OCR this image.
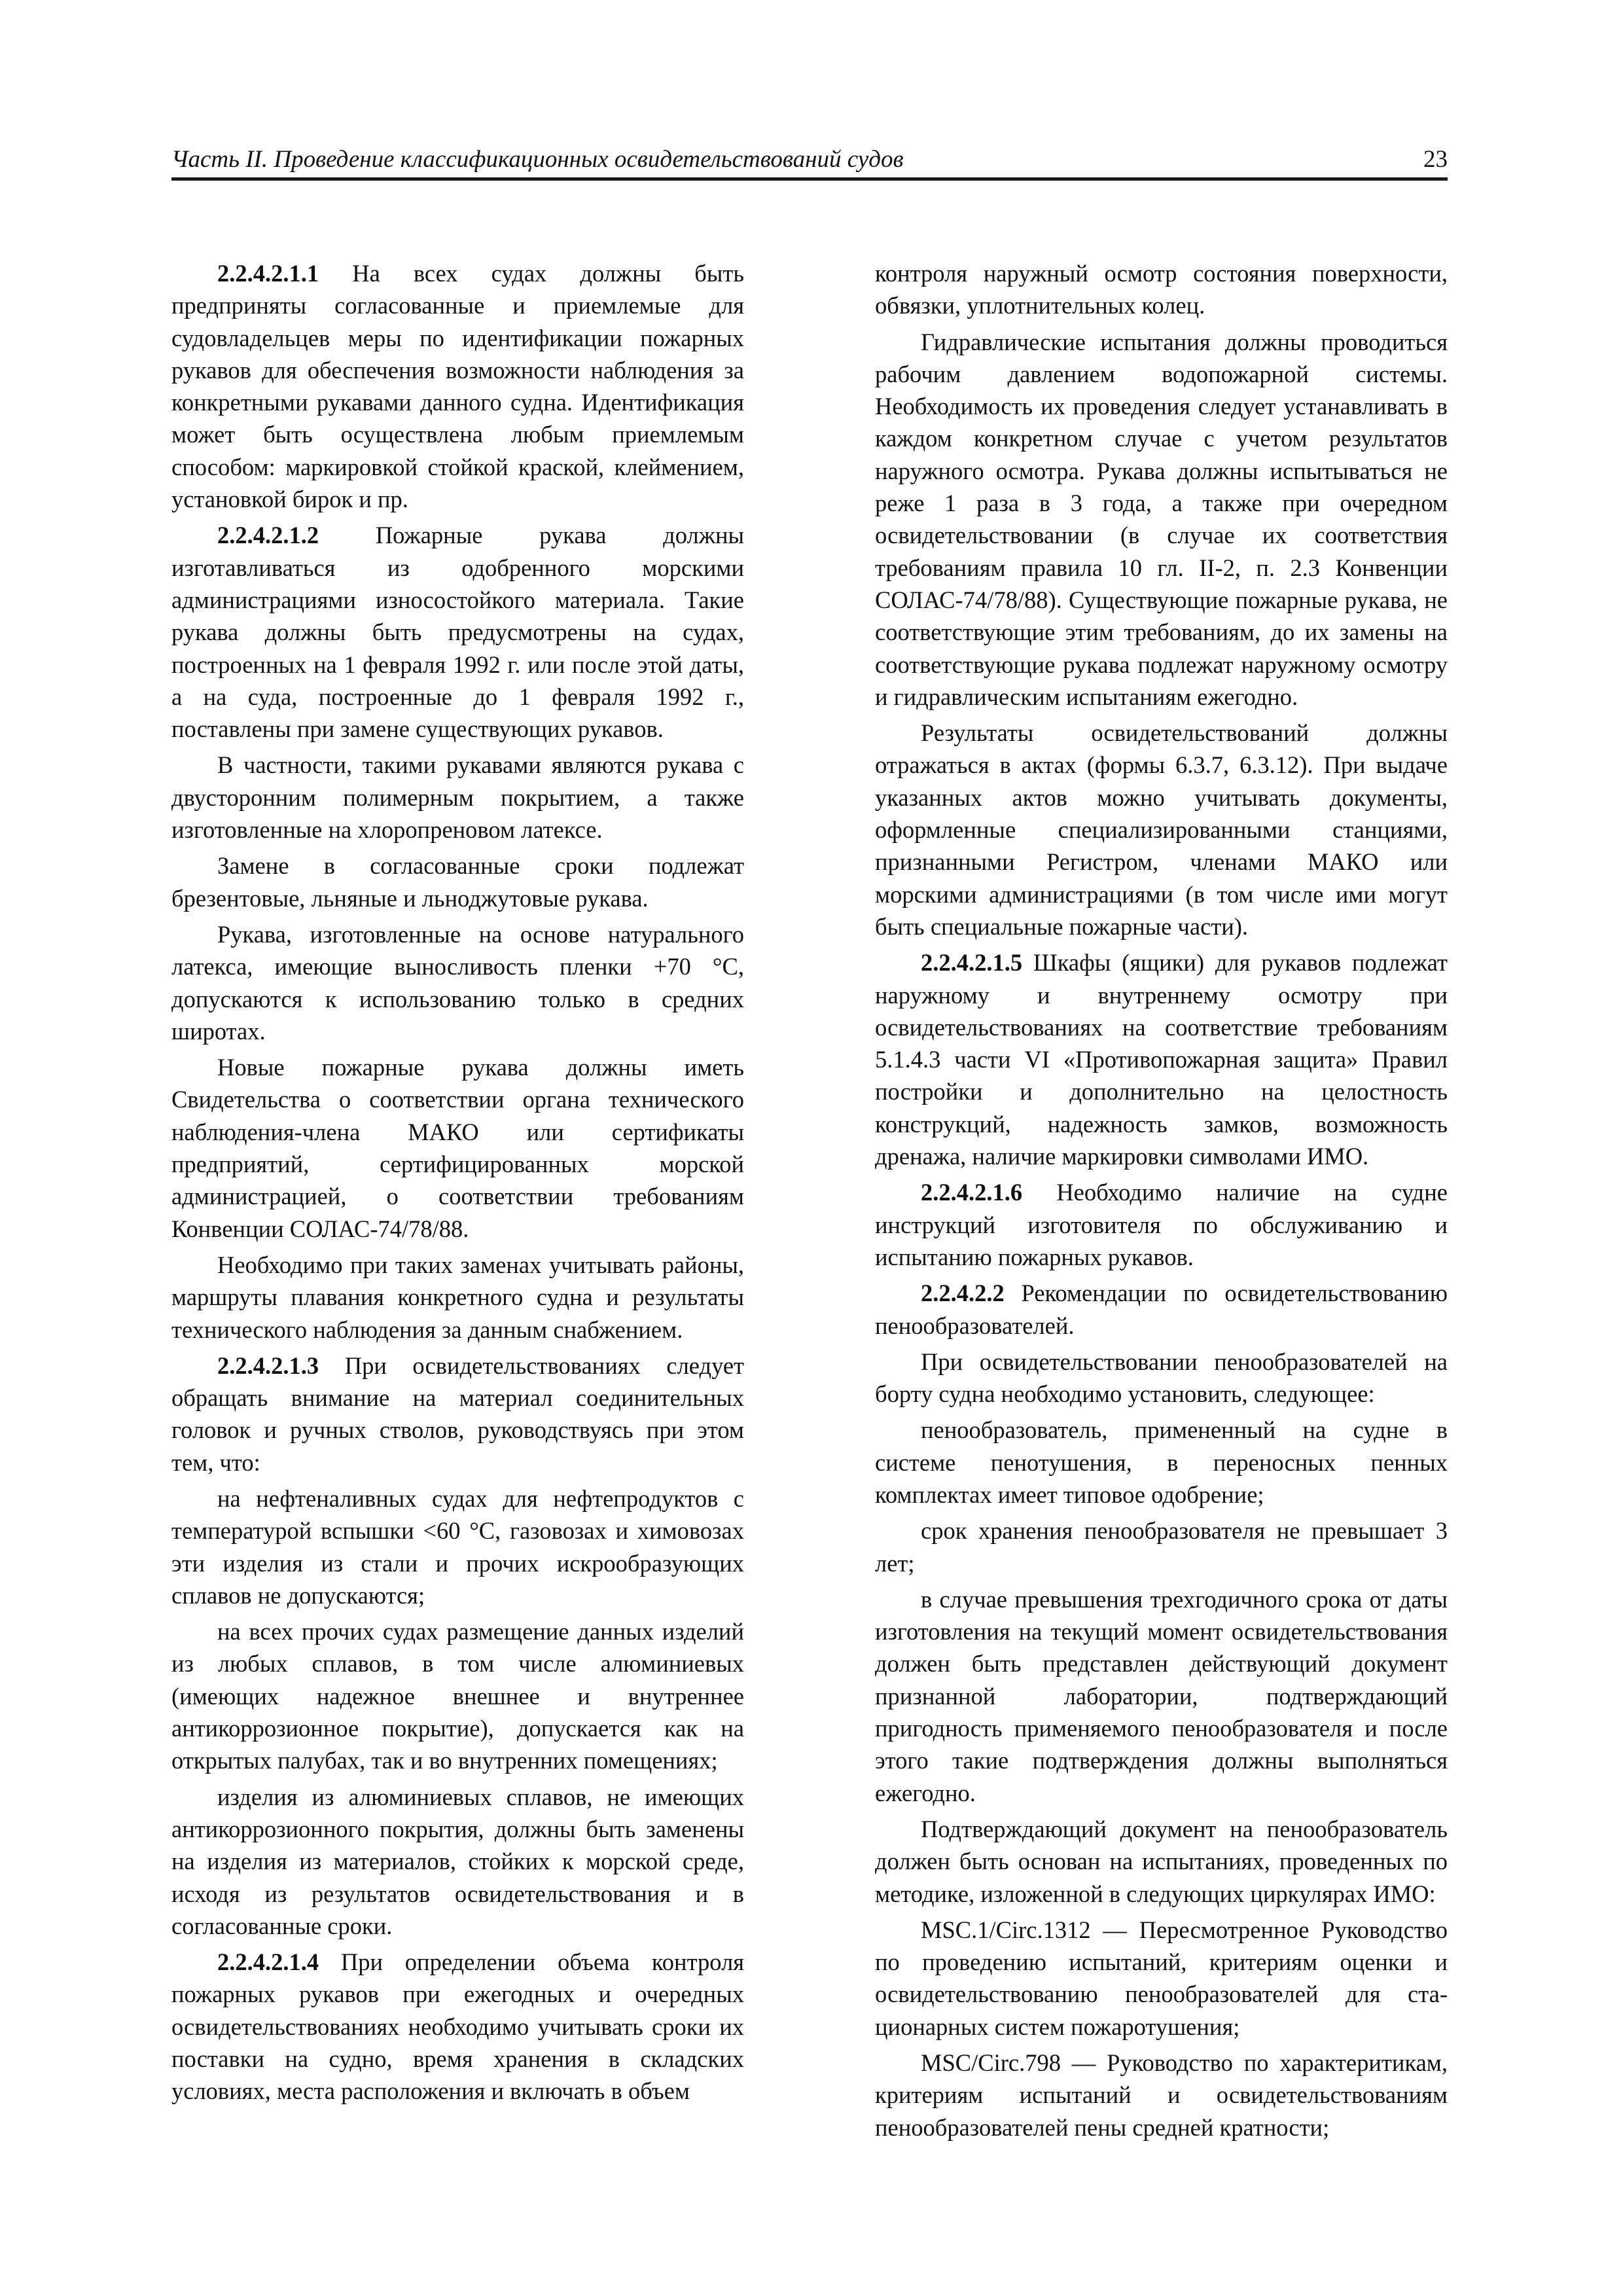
Часть II. Проведение классификационных освидетельствований судов	23

2.2.4.2.1.1 На всех судах должны быть предприняты согласованные и приемлемые для судовладельцев меры по идентификации пожарных рукавов для обеспечения возможности наблюдения за конкретными рукавами данного судна. Идентификация может быть осуществлена любым приемлемым способом: маркировкой стойкой краской, клеймением, установкой бирок и пр.

2.2.4.2.1.2 Пожарные рукава должны изготавливаться из одобренного морскими администрациями износостойкого материала. Такие рукава должны быть предусмотрены на судах, построенных на 1 февраля 1992 г. или после этой даты, а на суда, построенные до 1 февраля 1992 г., поставлены при замене существующих рукавов.

В частности, такими рукавами являются рукава с двусторонним полимерным покрытием, а также изготовленные на хлоропреновом латексе.

Замене в согласованные сроки подлежат брезентовые, льняные и льноджутовые рукава.

Рукава, изготовленные на основе натурального латекса, имеющие выносливость пленки +70 °C, допускаются к использованию только в средних широтах.

Новые пожарные рукава должны иметь Свидетельства о соответствии органа технического наблюдения-члена МАКО или сертификаты предприятий, сертифицированных морской администрацией, о соответствии требованиям Конвенции СОЛАС-74/78/88.

Необходимо при таких заменах учитывать районы, маршруты плавания конкретного судна и результаты технического наблюдения за данным снабжением.

2.2.4.2.1.3 При освидетельствованиях следует обращать внимание на материал соединительных головок и ручных стволов, руководствуясь при этом тем, что:

на нефтеналивных судах для нефтепродуктов с температурой вспышки <60 °C, газовозах и химовозах эти изделия из стали и прочих искрообразующих сплавов не допускаются;

на всех прочих судах размещение данных изделий из любых сплавов, в том числе алюминиевых (имеющих надежное внешнее и внутреннее антикоррозионное покрытие), допускается как на открытых палубах, так и во внутренних помещениях;

изделия из алюминиевых сплавов, не имеющих антикоррозионного покрытия, должны быть заменены на изделия из материалов, стойких к морской среде, исходя из результатов освидетельствования и в согласованные сроки.

2.2.4.2.1.4 При определении объема контроля пожарных рукавов при ежегодных и очередных освидетельствованиях необходимо учитывать сроки их поставки на судно, время хранения в складских условиях, места расположения и включать в объем

контроля наружный осмотр состояния поверхности, обвязки, уплотнительных колец.

Гидравлические испытания должны проводиться рабочим давлением водопожарной системы. Необходимость их проведения следует устанавливать в каждом конкретном случае с учетом результатов наружного осмотра. Рукава должны испытываться не реже 1 раза в 3 года, а также при очередном освидетельствовании (в случае их соответствия требованиям правила 10 гл. II-2, п. 2.3 Конвенции СОЛАС-74/78/88). Существующие пожарные рукава, не соответствующие этим требованиям, до их замены на соответствующие рукава подлежат наружному осмотру и гидравлическим испытаниям ежегодно.

Результаты освидетельствований должны отражаться в актах (формы 6.3.7, 6.3.12). При выдаче указанных актов можно учитывать документы, оформленные специализированными станциями, признанными Регистром, членами МАКО или морскими администрациями (в том числе ими могут быть специальные пожарные части).

2.2.4.2.1.5 Шкафы (ящики) для рукавов подлежат наружному и внутреннему осмотру при освидетельствованиях на соответствие требованиям 5.1.4.3 части VI «Противопожарная защита» Правил постройки и дополнительно на целостность конструкций, надежность замков, возможность дренажа, наличие маркировки символами ИМО.

2.2.4.2.1.6 Необходимо наличие на судне инструкций изготовителя по обслуживанию и испытанию пожарных рукавов.

2.2.4.2.2 Рекомендации по освидетельствованию пенообразователей.

При освидетельствовании пенообразователей на борту судна необходимо установить, следующее:

пенообразователь, примененный на судне в системе пенотушения, в переносных пенных комплектах имеет типовое одобрение;

срок хранения пенообразователя не превышает 3 лет;

в случае превышения трехгодичного срока от даты изготовления на текущий момент освидетельствования должен быть представлен действующий документ признанной лаборатории, подтверждающий пригодность применяемого пенообразователя и после этого такие подтверждения должны выполняться ежегодно.

Подтверждающий документ на пенообразователь должен быть основан на испытаниях, проведенных по методике, изложенной в следующих циркулярах ИМО:

MSC.1/Circ.1312 — Пересмотренное Руководство по проведению испытаний, критериям оценки и освидетельствованию пенообразователей для ста-ционарных систем пожаротушения;

MSC/Circ.798 — Руководство по характеритикам, критериям испытаний и освидетельствованиям пенообразователей пены средней кратности;
